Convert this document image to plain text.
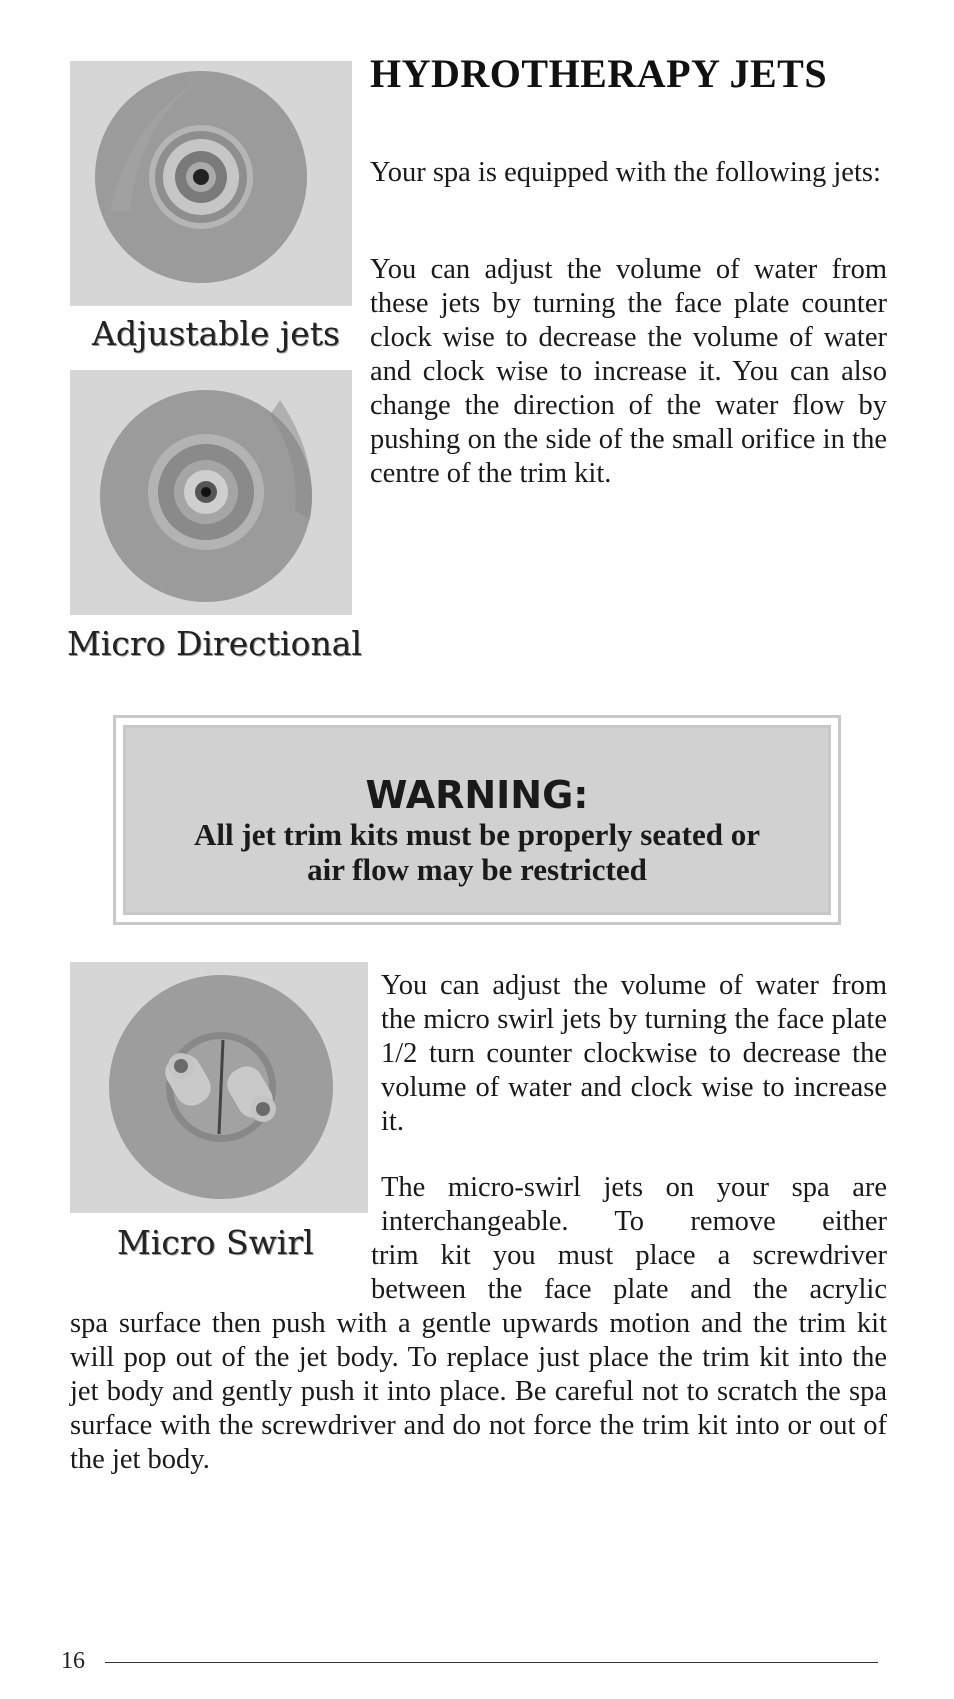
Adjustable jets
Micro Directional
HYDROTHERAPY JETS

Your spa is equipped with the following jets:

You can adjust the volume of water from these jets by turning the face plate counter clock wise to decrease the volume of water and clock wise to increase it. You can also change the direction of the water flow by pushing on the side of the small orifice in the centre of the trim kit.

WARNING:

All jet trim kits must be properly seated or

air flow may be restricted

Micro Swirl

You can adjust the volume of water from the micro swirl jets by turning the face plate 1/2 turn counter clockwise to decrease the volume of water and clock wise to increase it.

The micro-swirl jets on your spa are
interchangeable. To remove either
trim kit you must place a screwdriver
between the face plate and the acrylic

spa surface then push with a gentle upwards motion and the trim kit will pop out of the jet body. To replace just place the trim kit into the jet body and gently push it into place. Be careful not to scratch the spa surface with the screwdriver and do not force the trim kit into or out of the jet body.

16
